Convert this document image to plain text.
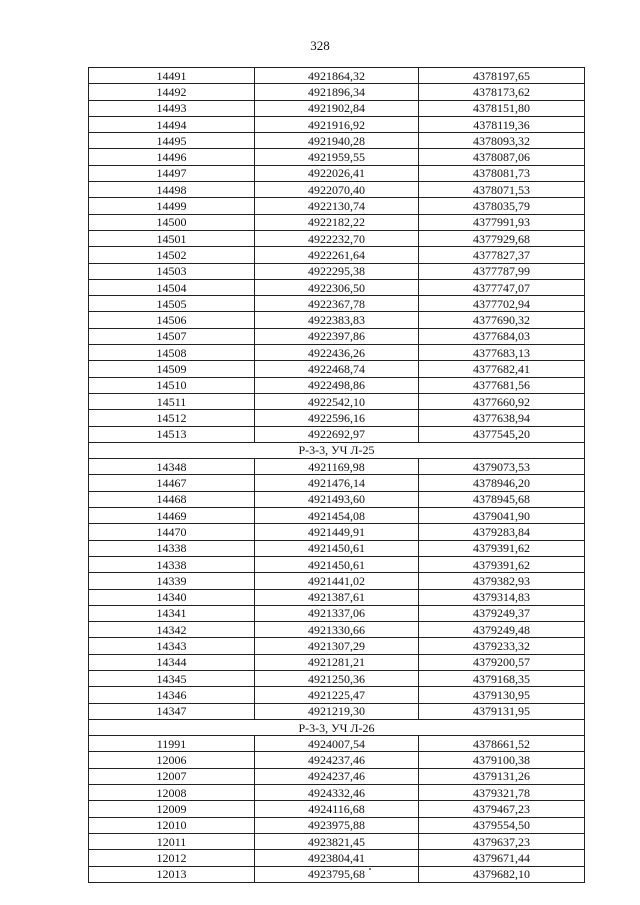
328
14491	4921864,32	4378197,65
14492	4921896,34	4378173,62
14493	4921902,84	4378151,80
14494	4921916,92	4378119,36
14495	4921940,28	4378093,32
14496	4921959,55	4378087,06
14497	4922026,41	4378081,73
14498	4922070,40	4378071,53
14499	4922130,74	4378035,79
14500	4922182,22	4377991,93
14501	4922232,70	4377929,68
14502	4922261,64	4377827,37
14503	4922295,38	4377787,99
14504	4922306,50	4377747,07
14505	4922367,78	4377702,94
14506	4922383,83	4377690,32
14507	4922397,86	4377684,03
14508	4922436,26	4377683,13
14509	4922468,74	4377682,41
14510	4922498,86	4377681,56
14511	4922542,10	4377660,92
14512	4922596,16	4377638,94
14513	4922692,97	4377545,20
Р-3-3, УЧ Л-25		
14348	4921169,98	4379073,53
14467	4921476,14	4378946,20
14468	4921493,60	4378945,68
14469	4921454,08	4379041,90
14470	4921449,91	4379283,84
14338	4921450,61	4379391,62
14338	4921450,61	4379391,62
14339	4921441,02	4379382,93
14340	4921387,61	4379314,83
14341	4921337,06	4379249,37
14342	4921330,66	4379249,48
14343	4921307,29	4379233,32
14344	4921281,21	4379200,57
14345	4921250,36	4379168,35
14346	4921225,47	4379130,95
14347	4921219,30	4379131,95
Р-3-3, УЧ Л-26		
11991	4924007,54	4378661,52
12006	4924237,46	4379100,38
12007	4924237,46	4379131,26
12008	4924332,46	4379321,78
12009	4924116,68	4379467,23
12010	4923975,88	4379554,50
12011	4923821,45	4379637,23
12012	4923804,41	4379671,44
12013	4923795,68	4379682,10
